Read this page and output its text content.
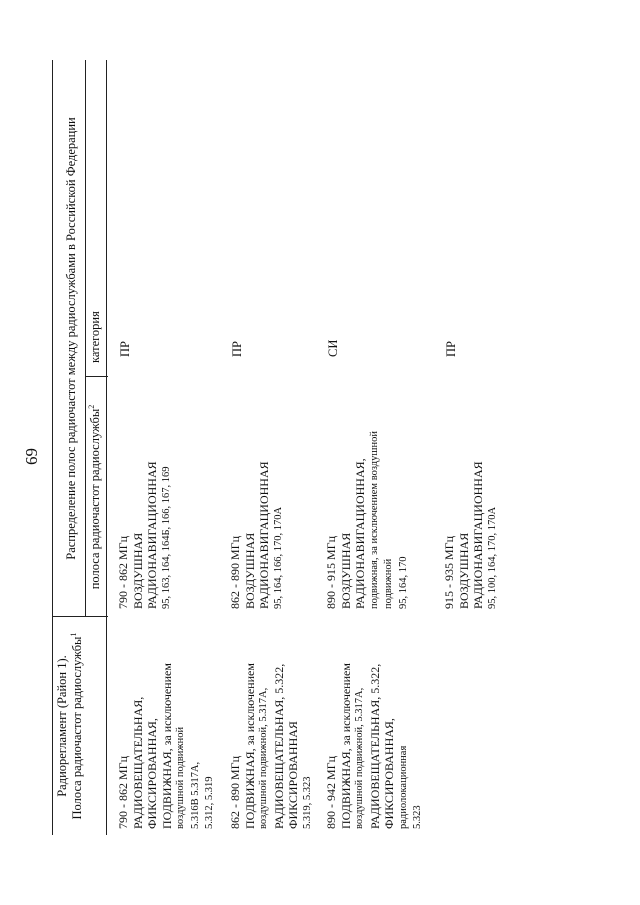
69
Радиорегламент (Район 1). Полоса радиочастот радиослужбы$^1$
Распределение полос радиочастот между радиослужбами в Российской Федерации полоса радиочастот радиослужбы$^2$
категория
790 - 862 МГц РАДИОВЕЩАТЕЛЬНАЯ, ФИКСИРОВАННАЯ, ПОДВИЖНАЯ, за исключением воздушной подвижной 5.316В 5.317А, 5.312, 5.319
790 - 862 МГц ВОЗДУШНАЯ РАДИОНАВИГАЦИОННАЯ 95, 163, 164, 164Б, 166, 167, 169
ПР
862 - 890 МГц ПОДВИЖНАЯ, за исключением воздушной подвижной, 5.317А, РАДИОВЕЩАТЕЛЬНАЯ, 5.322, ФИКСИРОВАННАЯ 5.319, 5.323
862 - 890 МГц ВОЗДУШНАЯ РАДИОНАВИГАЦИОННАЯ 95, 164, 166, 170, 170А
ПР
890 - 942 МГц ПОДВИЖНАЯ, за исключением воздушной подвижной, 5.317А, РАДИОВЕЩАТЕЛЬНАЯ, 5.322, ФИКСИРОВАННАЯ, радиолокационная 5.323
890 - 915 МГц ВОЗДУШНАЯ РАДИОНАВИГАЦИОННАЯ, подвижная, за исключением воздушной подвижной 95, 164, 170
СИ
915 - 935 МГц ВОЗДУШНАЯ РАДИОНАВИГАЦИОННАЯ 95, 100, 164, 170, 170А
ПР
